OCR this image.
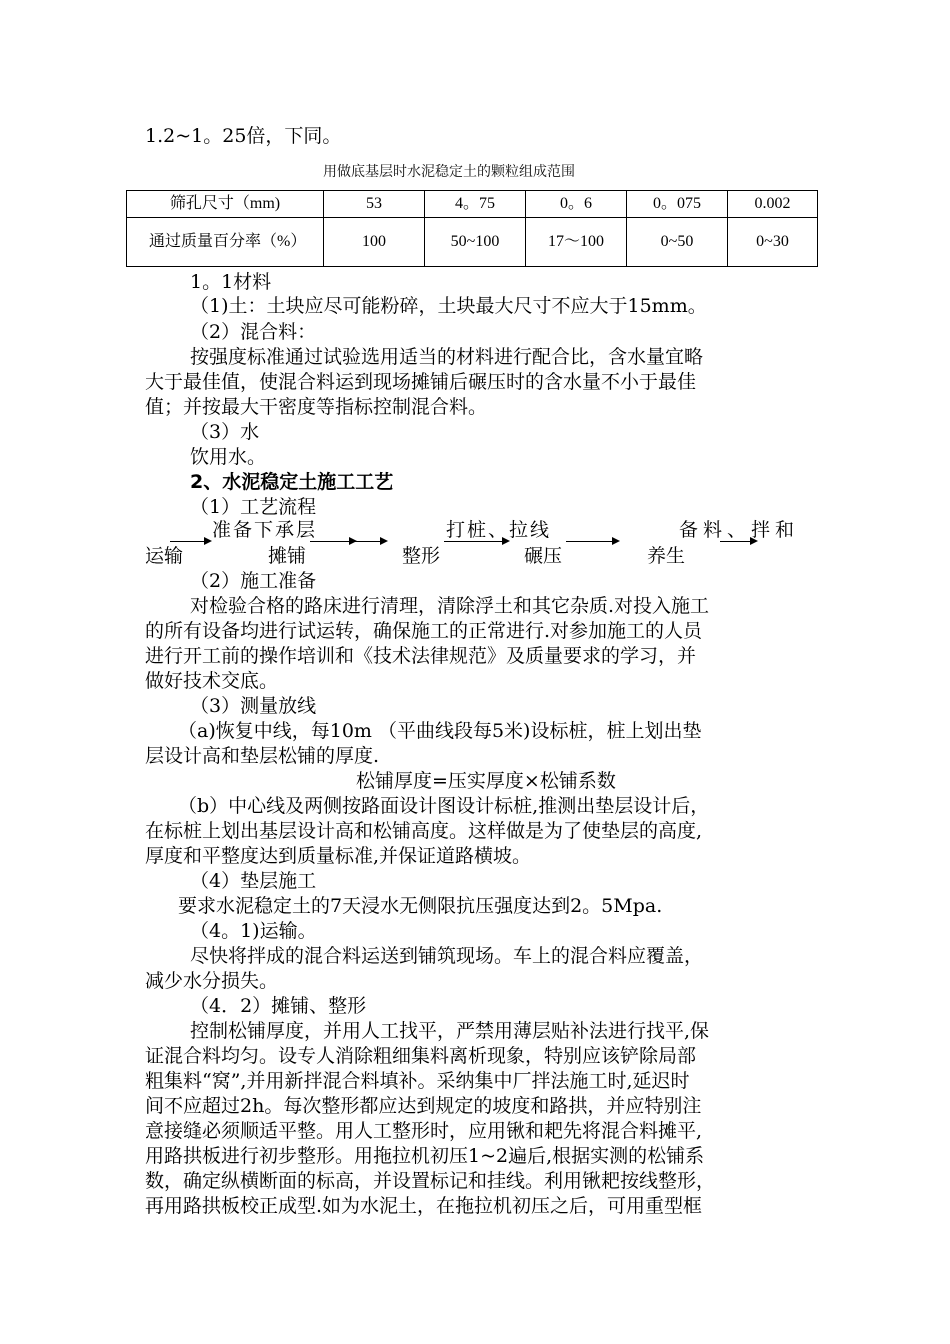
1.2~1。25倍，下同。
用做底基层时水泥稳定土的颗粒组成范围
筛孔尺寸（mm)	53	4。75	0。6	0。075	0.002

通过质量百分率（%）	100	50~100	17～100	0~50	0~30
1。1材料
（1)土：土块应尽可能粉碎，土块最大尺寸不应大于15mm。
（2）混合料：
按强度标准通过试验选用适当的材料进行配合比，含水量宜略
大于最佳值，使混合料运到现场摊铺后碾压时的含水量不小于最佳
值；并按最大干密度等指标控制混合料。
（3）水
饮用水。
2、水泥稳定土施工工艺
（1）工艺流程
准备下承层	打桩、拉线	备料、拌和
运输	摊铺	整形	碾压	养生
（2）施工准备
对检验合格的路床进行清理，清除浮土和其它杂质.对投入施工
的所有设备均进行试运转，确保施工的正常进行.对参加施工的人员
进行开工前的操作培训和《技术法律规范》及质量要求的学习，并
做好技术交底。
（3）测量放线
（a)恢复中线，每10m （平曲线段每5米)设标桩，桩上划出垫
层设计高和垫层松铺的厚度.
松铺厚度=压实厚度×松铺系数
（b）中心线及两侧按路面设计图设计标桩,推测出垫层设计后，
在标桩上划出基层设计高和松铺高度。这样做是为了使垫层的高度,
厚度和平整度达到质量标准,并保证道路横坡。
（4）垫层施工
要求水泥稳定土的7天浸水无侧限抗压强度达到2。5Mpa.
（4。1)运输。
尽快将拌成的混合料运送到铺筑现场。车上的混合料应覆盖，
减少水分损失。
（4．2）摊铺、整形
控制松铺厚度，并用人工找平，严禁用薄层贴补法进行找平,保
证混合料均匀。设专人消除粗细集料离析现象，特别应该铲除局部
粗集料“窝”,并用新拌混合料填补。采纳集中厂拌法施工时,延迟时
间不应超过2h。每次整形都应达到规定的坡度和路拱，并应特别注
意接缝必须顺适平整。用人工整形时，应用锹和耙先将混合料摊平,
用路拱板进行初步整形。用拖拉机初压1~2遍后,根据实测的松铺系
数，确定纵横断面的标高，并设置标记和挂线。利用锹耙按线整形，
再用路拱板校正成型.如为水泥土，在拖拉机初压之后，可用重型框
